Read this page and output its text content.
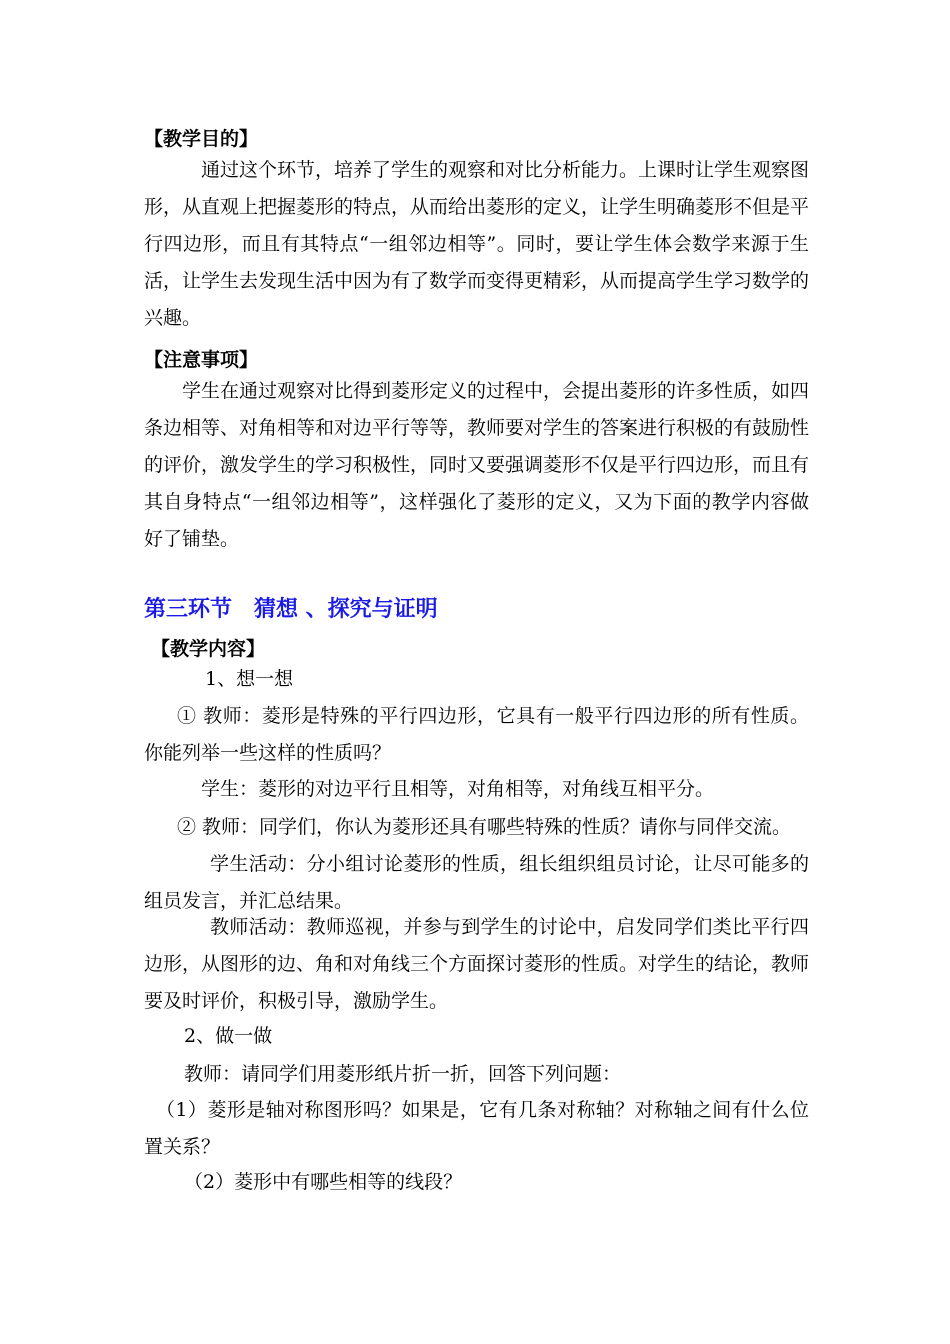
【教学目的】

通过这个环节，培养了学生的观察和对比分析能力。上课时让学生观察图形，从直观上把握菱形的特点，从而给出菱形的定义，让学生明确菱形不但是平行四边形，而且有其特点“一组邻边相等”。同时，要让学生体会数学来源于生活，让学生去发现生活中因为有了数学而变得更精彩，从而提高学生学习数学的兴趣。

【注意事项】

学生在通过观察对比得到菱形定义的过程中，会提出菱形的许多性质，如四条边相等、对角相等和对边平行等等，教师要对学生的答案进行积极的有鼓励性的评价，激发学生的学习积极性，同时又要强调菱形不仅是平行四边形，而且有其自身特点“一组邻边相等”，这样强化了菱形的定义，又为下面的教学内容做好了铺垫。

第三环节　猜想 、探究与证明
【教学内容】
1、想一想

① 教师：菱形是特殊的平行四边形，它具有一般平行四边形的所有性质。你能列举一些这样的性质吗？

学生：菱形的对边平行且相等，对角相等，对角线互相平分。
② 教师：同学们，你认为菱形还具有哪些特殊的性质？请你与同伴交流。

学生活动：分小组讨论菱形的性质，组长组织组员讨论，让尽可能多的组员发言，并汇总结果。

教师活动：教师巡视，并参与到学生的讨论中，启发同学们类比平行四边形，从图形的边、角和对角线三个方面探讨菱形的性质。对学生的结论，教师要及时评价，积极引导，激励学生。

2、做一做
教师：请同学们用菱形纸片折一折，回答下列问题：

（1）菱形是轴对称图形吗？如果是，它有几条对称轴？对称轴之间有什么位置关系？

（2）菱形中有哪些相等的线段？
